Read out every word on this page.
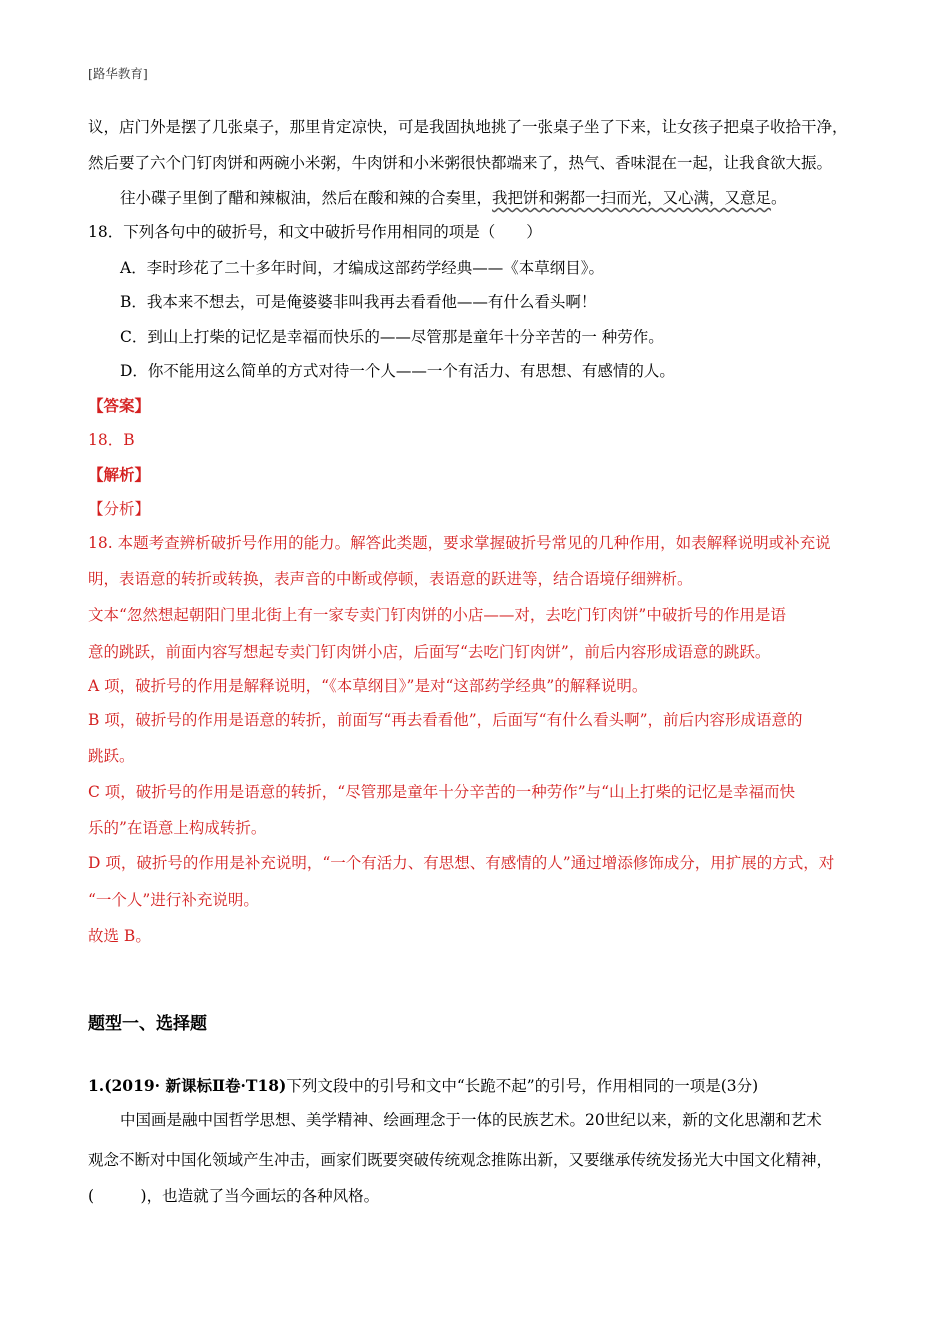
[路华教育]
议，店门外是摆了几张桌子，那里肯定凉快，可是我固执地挑了一张桌子坐了下来，让女孩子把桌子收拾干净，
然后要了六个门钉肉饼和两碗小米粥，牛肉饼和小米粥很快都端来了，热气、香味混在一起，让我食欲大振。
往小碟子里倒了醋和辣椒油，然后在酸和辣的合奏里，我把饼和粥都一扫而光，又心满，又意足。
18．下列各句中的破折号，和文中破折号作用相同的项是（　　）
A．李时珍花了二十多年时间，才编成这部药学经典——《本草纲目》。
B．我本来不想去，可是俺婆婆非叫我再去看看他——有什么看头啊！
C．到山上打柴的记忆是幸福而快乐的——尽管那是童年十分辛苦的一 种劳作。
D．你不能用这么简单的方式对待一个人——一个有活力、有思想、有感情的人。
【答案】
18．B
【解析】
【分析】
18. 本题考查辨析破折号作用的能力。解答此类题，要求掌握破折号常见的几种作用，如表解释说明或补充说
明，表语意的转折或转换，表声音的中断或停顿，表语意的跃进等，结合语境仔细辨析。
文本“忽然想起朝阳门里北街上有一家专卖门钉肉饼的小店——对，去吃门钉肉饼”中破折号的作用是语
意的跳跃，前面内容写想起专卖门钉肉饼小店，后面写“去吃门钉肉饼”，前后内容形成语意的跳跃。
A 项，破折号的作用是解释说明，“《本草纲目》”是对“这部药学经典”的解释说明。
B 项，破折号的作用是语意的转折，前面写“再去看看他”，后面写“有什么看头啊”，前后内容形成语意的
跳跃。
C 项，破折号的作用是语意的转折，“尽管那是童年十分辛苦的一种劳作”与“山上打柴的记忆是幸福而快
乐的”在语意上构成转折。
D 项，破折号的作用是补充说明，“一个有活力、有思想、有感情的人”通过增添修饰成分，用扩展的方式，对
“一个人”进行补充说明。
故选 B。
题型一、选择题
1.(2019· 新课标Ⅱ卷·T18)下列文段中的引号和文中“长跪不起”的引号，作用相同的一项是(3分)
中国画是融中国哲学思想、美学精神、绘画理念于一体的民族艺术。20世纪以来，新的文化思潮和艺术
观念不断对中国化领域产生冲击，画家们既要突破传统观念推陈出新，又要继承传统发扬光大中国文化精神，
(　　　)，也造就了当今画坛的各种风格。
